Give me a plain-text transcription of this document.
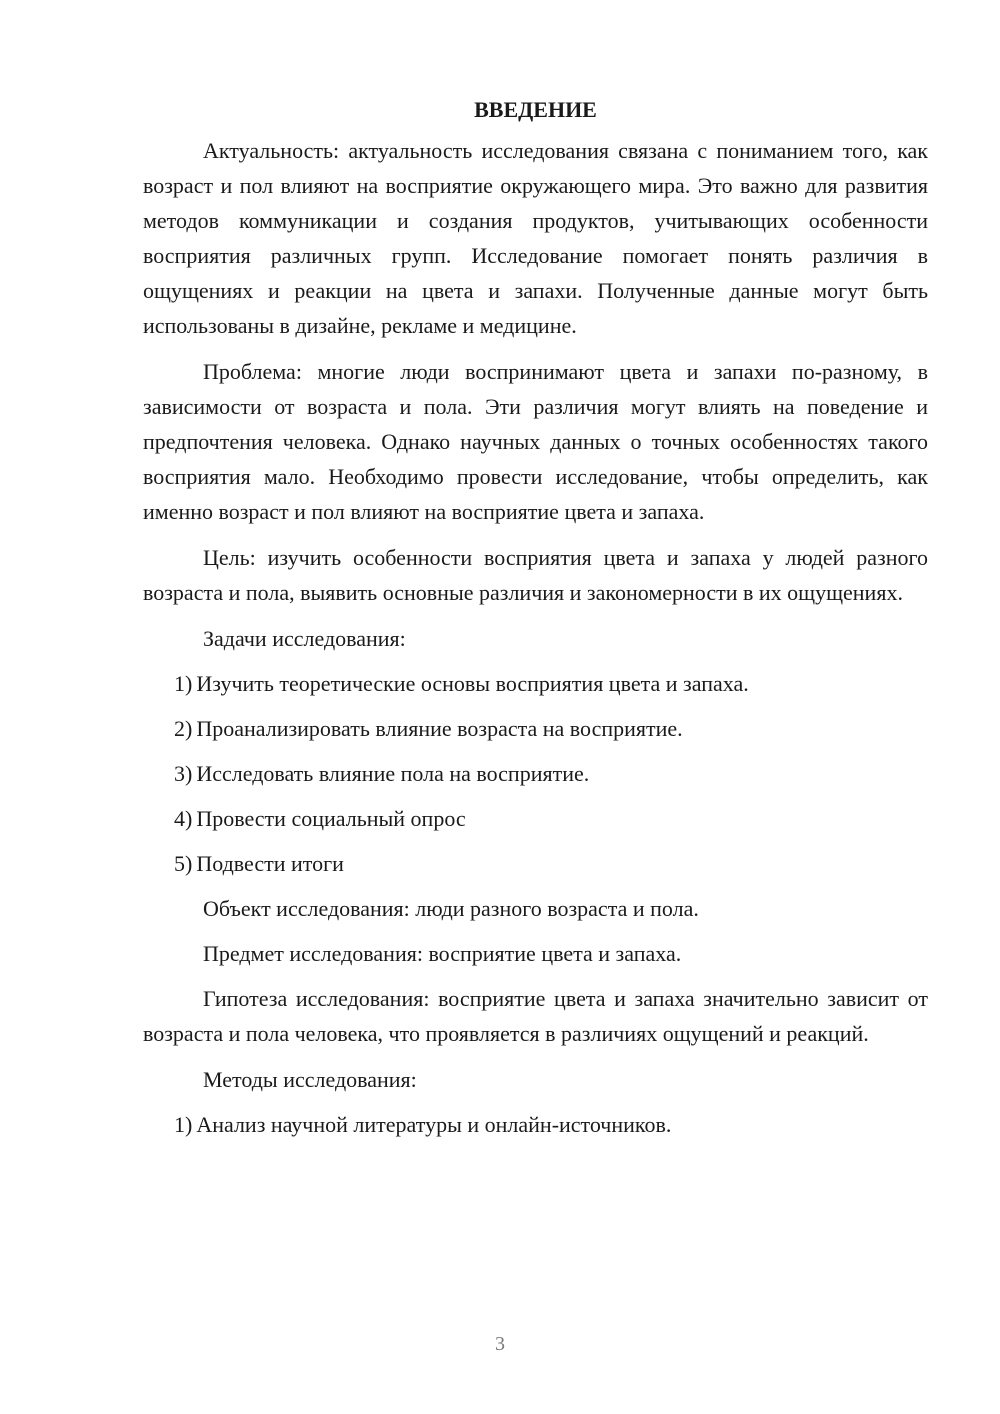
ВВЕДЕНИЕ

Актуальность: актуальность исследования связана с пониманием того, как возраст и пол влияют на восприятие окружающего мира. Это важно для развития методов коммуникации и создания продуктов, учитывающих особенности восприятия различных групп. Исследование помогает понять различия в ощущениях и реакции на цвета и запахи. Полученные данные могут быть использованы в дизайне, рекламе и медицине.

Проблема: многие люди воспринимают цвета и запахи по-разному, в зависимости от возраста и пола. Эти различия могут влиять на поведение и предпочтения человека. Однако научных данных о точных особенностях такого восприятия мало. Необходимо провести исследование, чтобы определить, как именно возраст и пол влияют на восприятие цвета и запаха.

Цель: изучить особенности восприятия цвета и запаха у людей разного возраста и пола, выявить основные различия и закономерности в их ощущениях.

Задачи исследования:
1) Изучить теоретические основы восприятия цвета и запаха.
2) Проанализировать влияние возраста на восприятие.
3) Исследовать влияние пола на восприятие.
4) Провести социальный опрос
5) Подвести итоги
Объект исследования: люди разного возраста и пола.
Предмет исследования: восприятие цвета и запаха.

Гипотеза исследования: восприятие цвета и запаха значительно зависит от возраста и пола человека, что проявляется в различиях ощущений и реакций.

Методы исследования:
1) Анализ научной литературы и онлайн-источников.
3
